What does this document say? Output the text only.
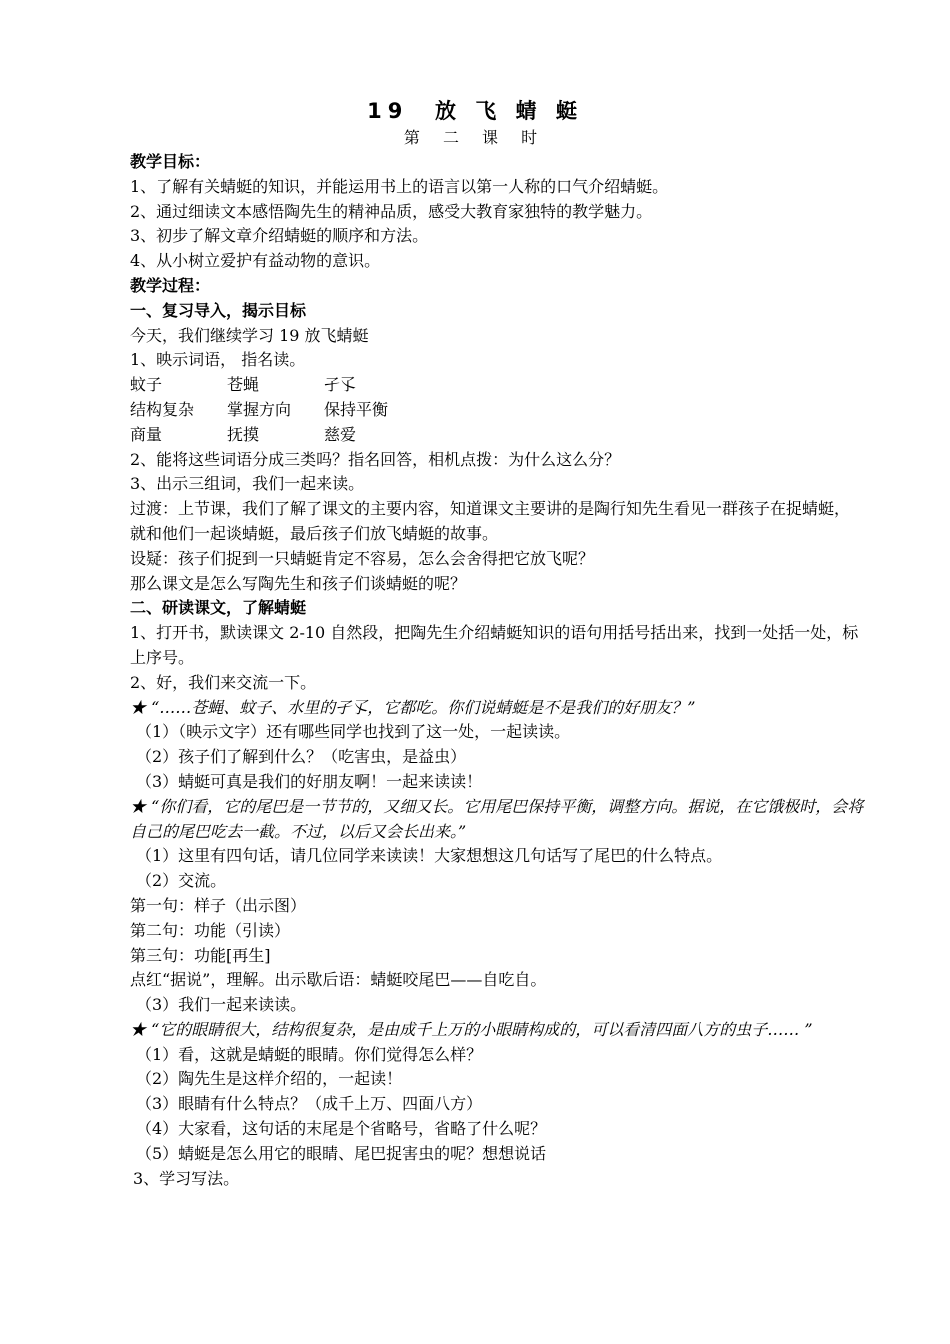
19  放 飞 蜻 蜓
第 二 课 时

教学目标：

1、了解有关蜻蜓的知识，并能运用书上的语言以第一人称的口气介绍蜻蜓。

2、通过细读文本感悟陶先生的精神品质，感受大教育家独特的教学魅力。

3、初步了解文章介绍蜻蜓的顺序和方法。

4、从小树立爱护有益动物的意识。

教学过程：

一、复习导入，揭示目标

今天，我们继续学习 19 放飞蜻蜓

1、映示词语， 指名读。

蚊子	苍蝇	孑孓

结构复杂	掌握方向	保持平衡

商量	抚摸	慈爱

2、能将这些词语分成三类吗？指名回答，相机点拨：为什么这么分？

3、出示三组词，我们一起来读。

过渡：上节课，我们了解了课文的主要内容，知道课文主要讲的是陶行知先生看见一群孩子在捉蜻蜓，就和他们一起谈蜻蜓，最后孩子们放飞蜻蜓的故事。

设疑：孩子们捉到一只蜻蜓肯定不容易，怎么会舍得把它放飞呢？

那么课文是怎么写陶先生和孩子们谈蜻蜓的呢？

二、研读课文，了解蜻蜓

1、打开书，默读课文 2-10 自然段，把陶先生介绍蜻蜓知识的语句用括号括出来，找到一处括一处，标上序号。

2、好，我们来交流一下。

★ “……苍蝇、蚊子、水里的孑孓，它都吃。你们说蜻蜓是不是我们的好朋友？”

（1）（映示文字）还有哪些同学也找到了这一处，一起读读。

（2）孩子们了解到什么？（吃害虫，是益虫）

（3）蜻蜓可真是我们的好朋友啊！一起来读读！

★ “你们看，它的尾巴是一节节的，又细又长。它用尾巴保持平衡，调整方向。据说，在它饿极时，会将自己的尾巴吃去一截。不过，以后又会长出来。”

（1）这里有四句话，请几位同学来读读！大家想想这几句话写了尾巴的什么特点。

（2）交流。

第一句：样子（出示图）

第二句：功能（引读）

第三句：功能[再生]

点红“据说”，理解。出示歇后语：蜻蜓咬尾巴——自吃自。

（3）我们一起来读读。

★ “它的眼睛很大，结构很复杂，是由成千上万的小眼睛构成的，可以看清四面八方的虫子…… ”

（1）看，这就是蜻蜓的眼睛。你们觉得怎么样？

（2）陶先生是这样介绍的，一起读！

（3）眼睛有什么特点？（成千上万、四面八方）

（4）大家看，这句话的末尾是个省略号，省略了什么呢？

（5）蜻蜓是怎么用它的眼睛、尾巴捉害虫的呢？想想说话

3、学习写法。
